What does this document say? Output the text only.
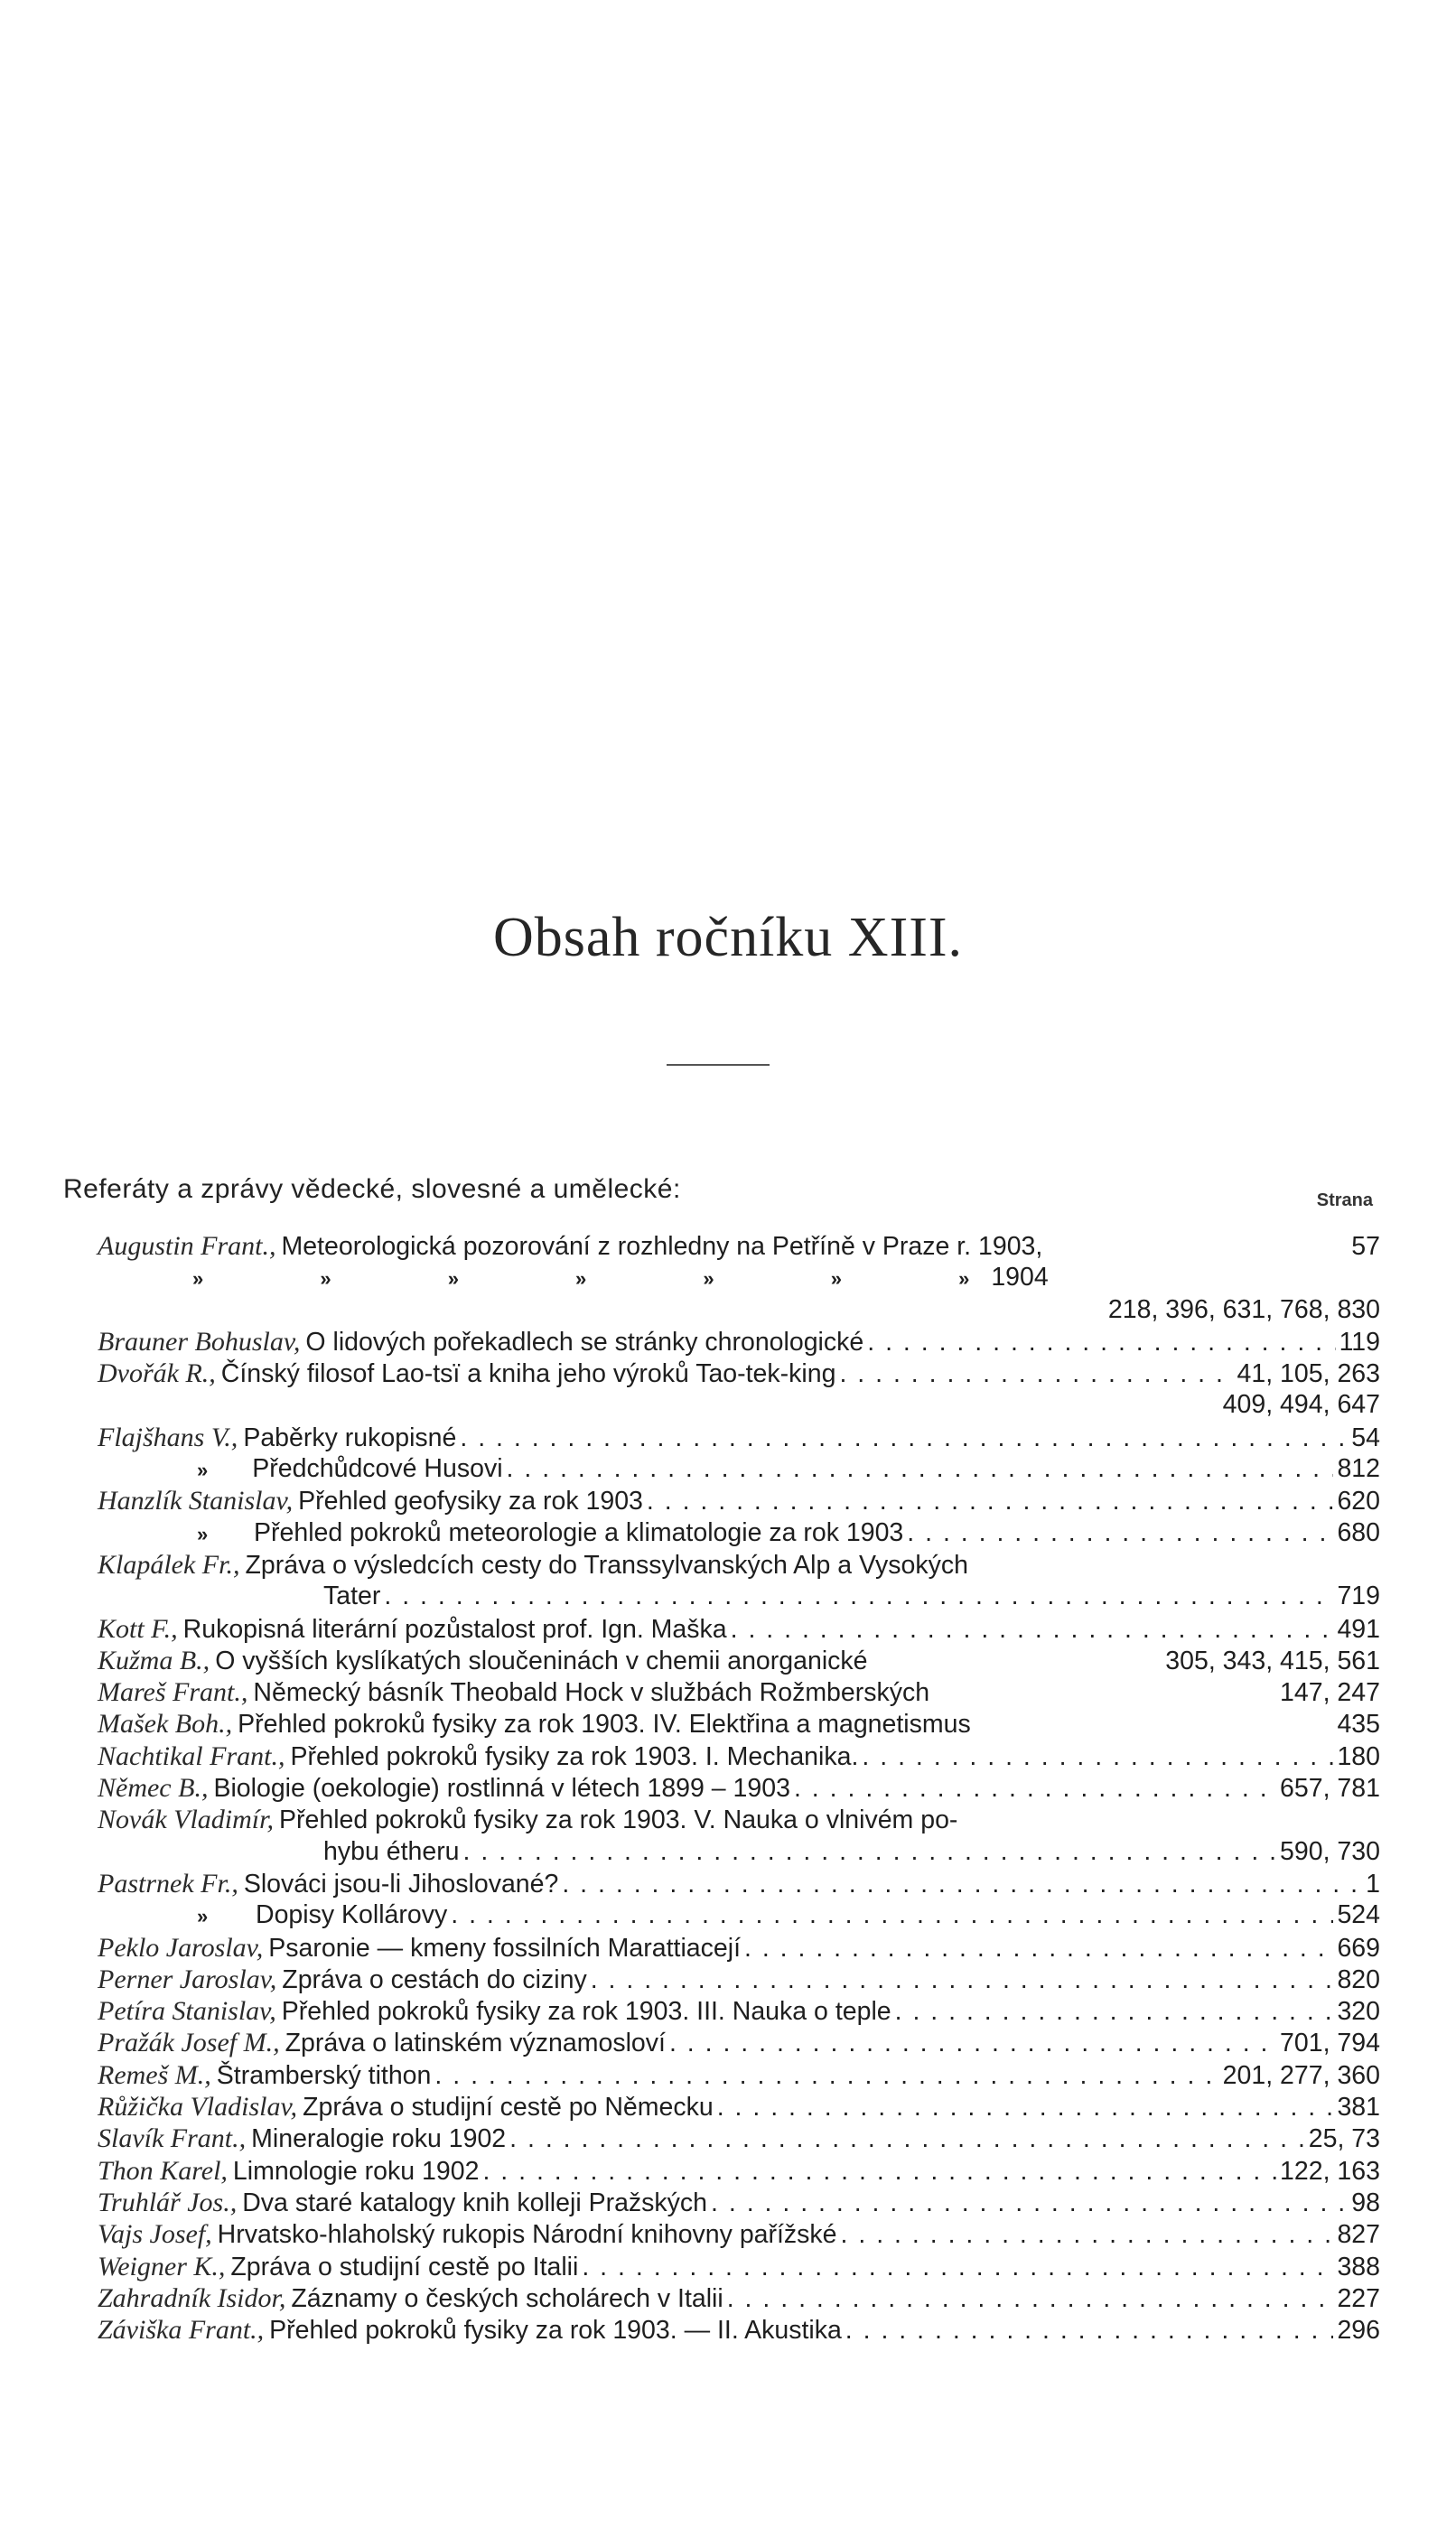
Obsah ročníku XIII.
Referáty a zprávy vědecké, slovesné a umělecké:	Strana
Augustin Frant., Meteorologická pozorování z rozhledny na Petříně v Praze r. 1903,	57
» » » » » » » 1904
218, 396, 631, 768, 830
Brauner Bohuslav, O lidových pořekadlech se stránky chronologické . . .	119
Dvořák R., Čínský filosof Lao-tsï a kniha jeho výroků Tao-tek-king . . .	41, 105, 263
409, 494, 647
Flajšhans V., Paběrky rukopisné . . .	54
»	Předchůdcové Husovi . . .	812
Hanzlík Stanislav, Přehled geofysiky za rok 1903 . . .	620
»	Přehled pokroků meteorologie a klimatologie za rok 1903 . . .	680
Klapálek Fr., Zpráva o výsledcích cesty do Transsylvanských Alp a Vysokých
Tater . . .	719
Kott F., Rukopisná literární pozůstalost prof. Ign. Maška . . .	491
Kužma B., O vyšších kyslíkatých sloučeninách v chemii anorganické	305, 343, 415, 561
Mareš Frant., Německý básník Theobald Hock v službách Rožmberských	147, 247
Mašek Boh., Přehled pokroků fysiky za rok 1903. IV. Elektřina a magnetismus	435
Nachtikal Frant., Přehled pokroků fysiky za rok 1903. I. Mechanika. . . .	180
Němec B., Biologie (oekologie) rostlinná v létech 1899 – 1903 . . .	657, 781
Novák Vladimír, Přehled pokroků fysiky za rok 1903. V. Nauka o vlnivém po-
hybu étheru . . .	590, 730
Pastrnek Fr., Slováci jsou-li Jihoslované? . . .	1
»	Dopisy Kollárovy . . .	524
Peklo Jaroslav, Psaronie — kmeny fossilních Marattiacejí . . .	669
Perner Jaroslav, Zpráva o cestách do ciziny . . .	820
Petíra Stanislav, Přehled pokroků fysiky za rok 1903. III. Nauka o teple . . .	320
Pražák Josef M., Zpráva o latinském významosloví . . .	701, 794
Remeš M., Štramberský tithon . . .	201, 277, 360
Růžička Vladislav, Zpráva o studijní cestě po Německu . . .	381
Slavík Frant., Mineralogie roku 1902 . . .	25, 73
Thon Karel, Limnologie roku 1902 . . .	122, 163
Truhlář Jos., Dva staré katalogy knih kolleji Pražských . . .	98
Vajs Josef, Hrvatsko-hlaholský rukopis Národní knihovny pařížské . . .	827
Weigner K., Zpráva o studijní cestě po Italii . . .	388
Zahradník Isidor, Záznamy o českých scholárech v Italii . . .	227
Záviška Frant., Přehled pokroků fysiky za rok 1903. — II. Akustika . . .	296
